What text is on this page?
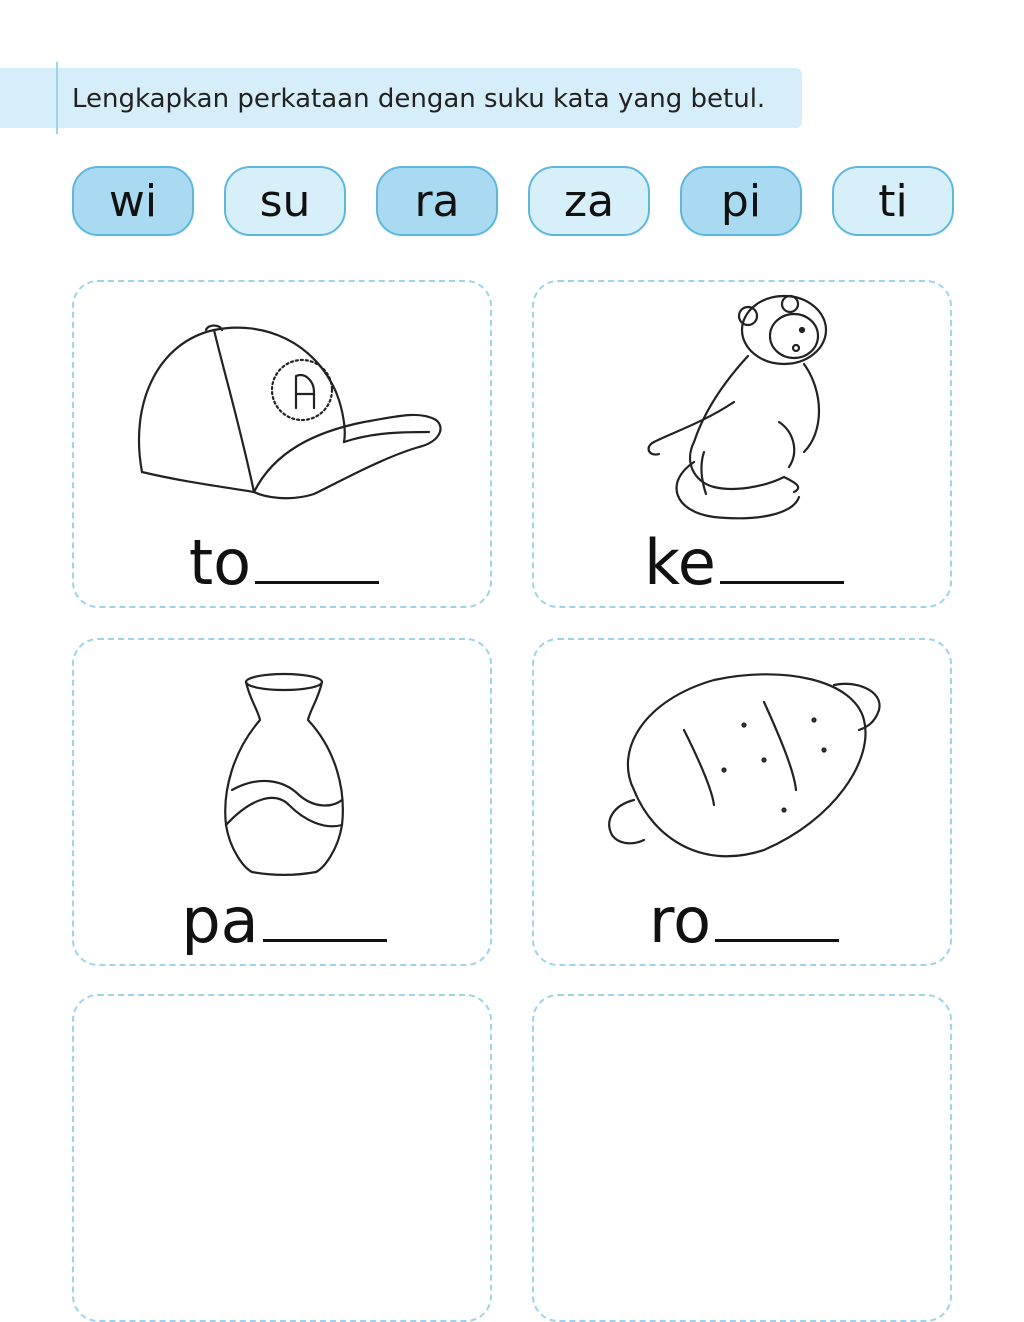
Lengkapkan perkataan dengan suku kata yang betul.
wi	su	ra	za	pi	ti
to	ke
pa	ro
